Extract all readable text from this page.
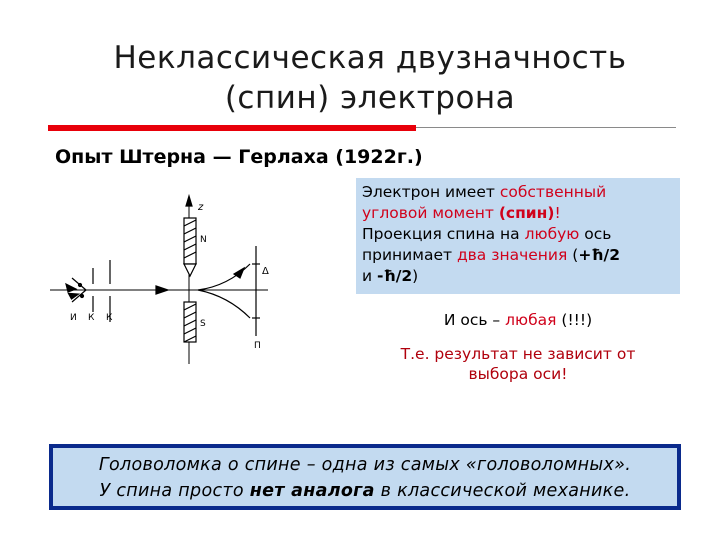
Неклассическая двузначность
(спин) электрона
Опыт Штерна — Герлаха (1922г.)
z
N
S
Δ
П
И К К
Электрон имеет собственный
угловой момент (спин)!
Проекция спина на любую ось
принимает два значения (+ħ/2
и -ħ/2)
И ось – любая (!!!)
Т.е. результат не зависит от
выбора оси!
Головоломка о спине – одна из самых «головоломных».
У спина просто нет аналога в классической механике.
